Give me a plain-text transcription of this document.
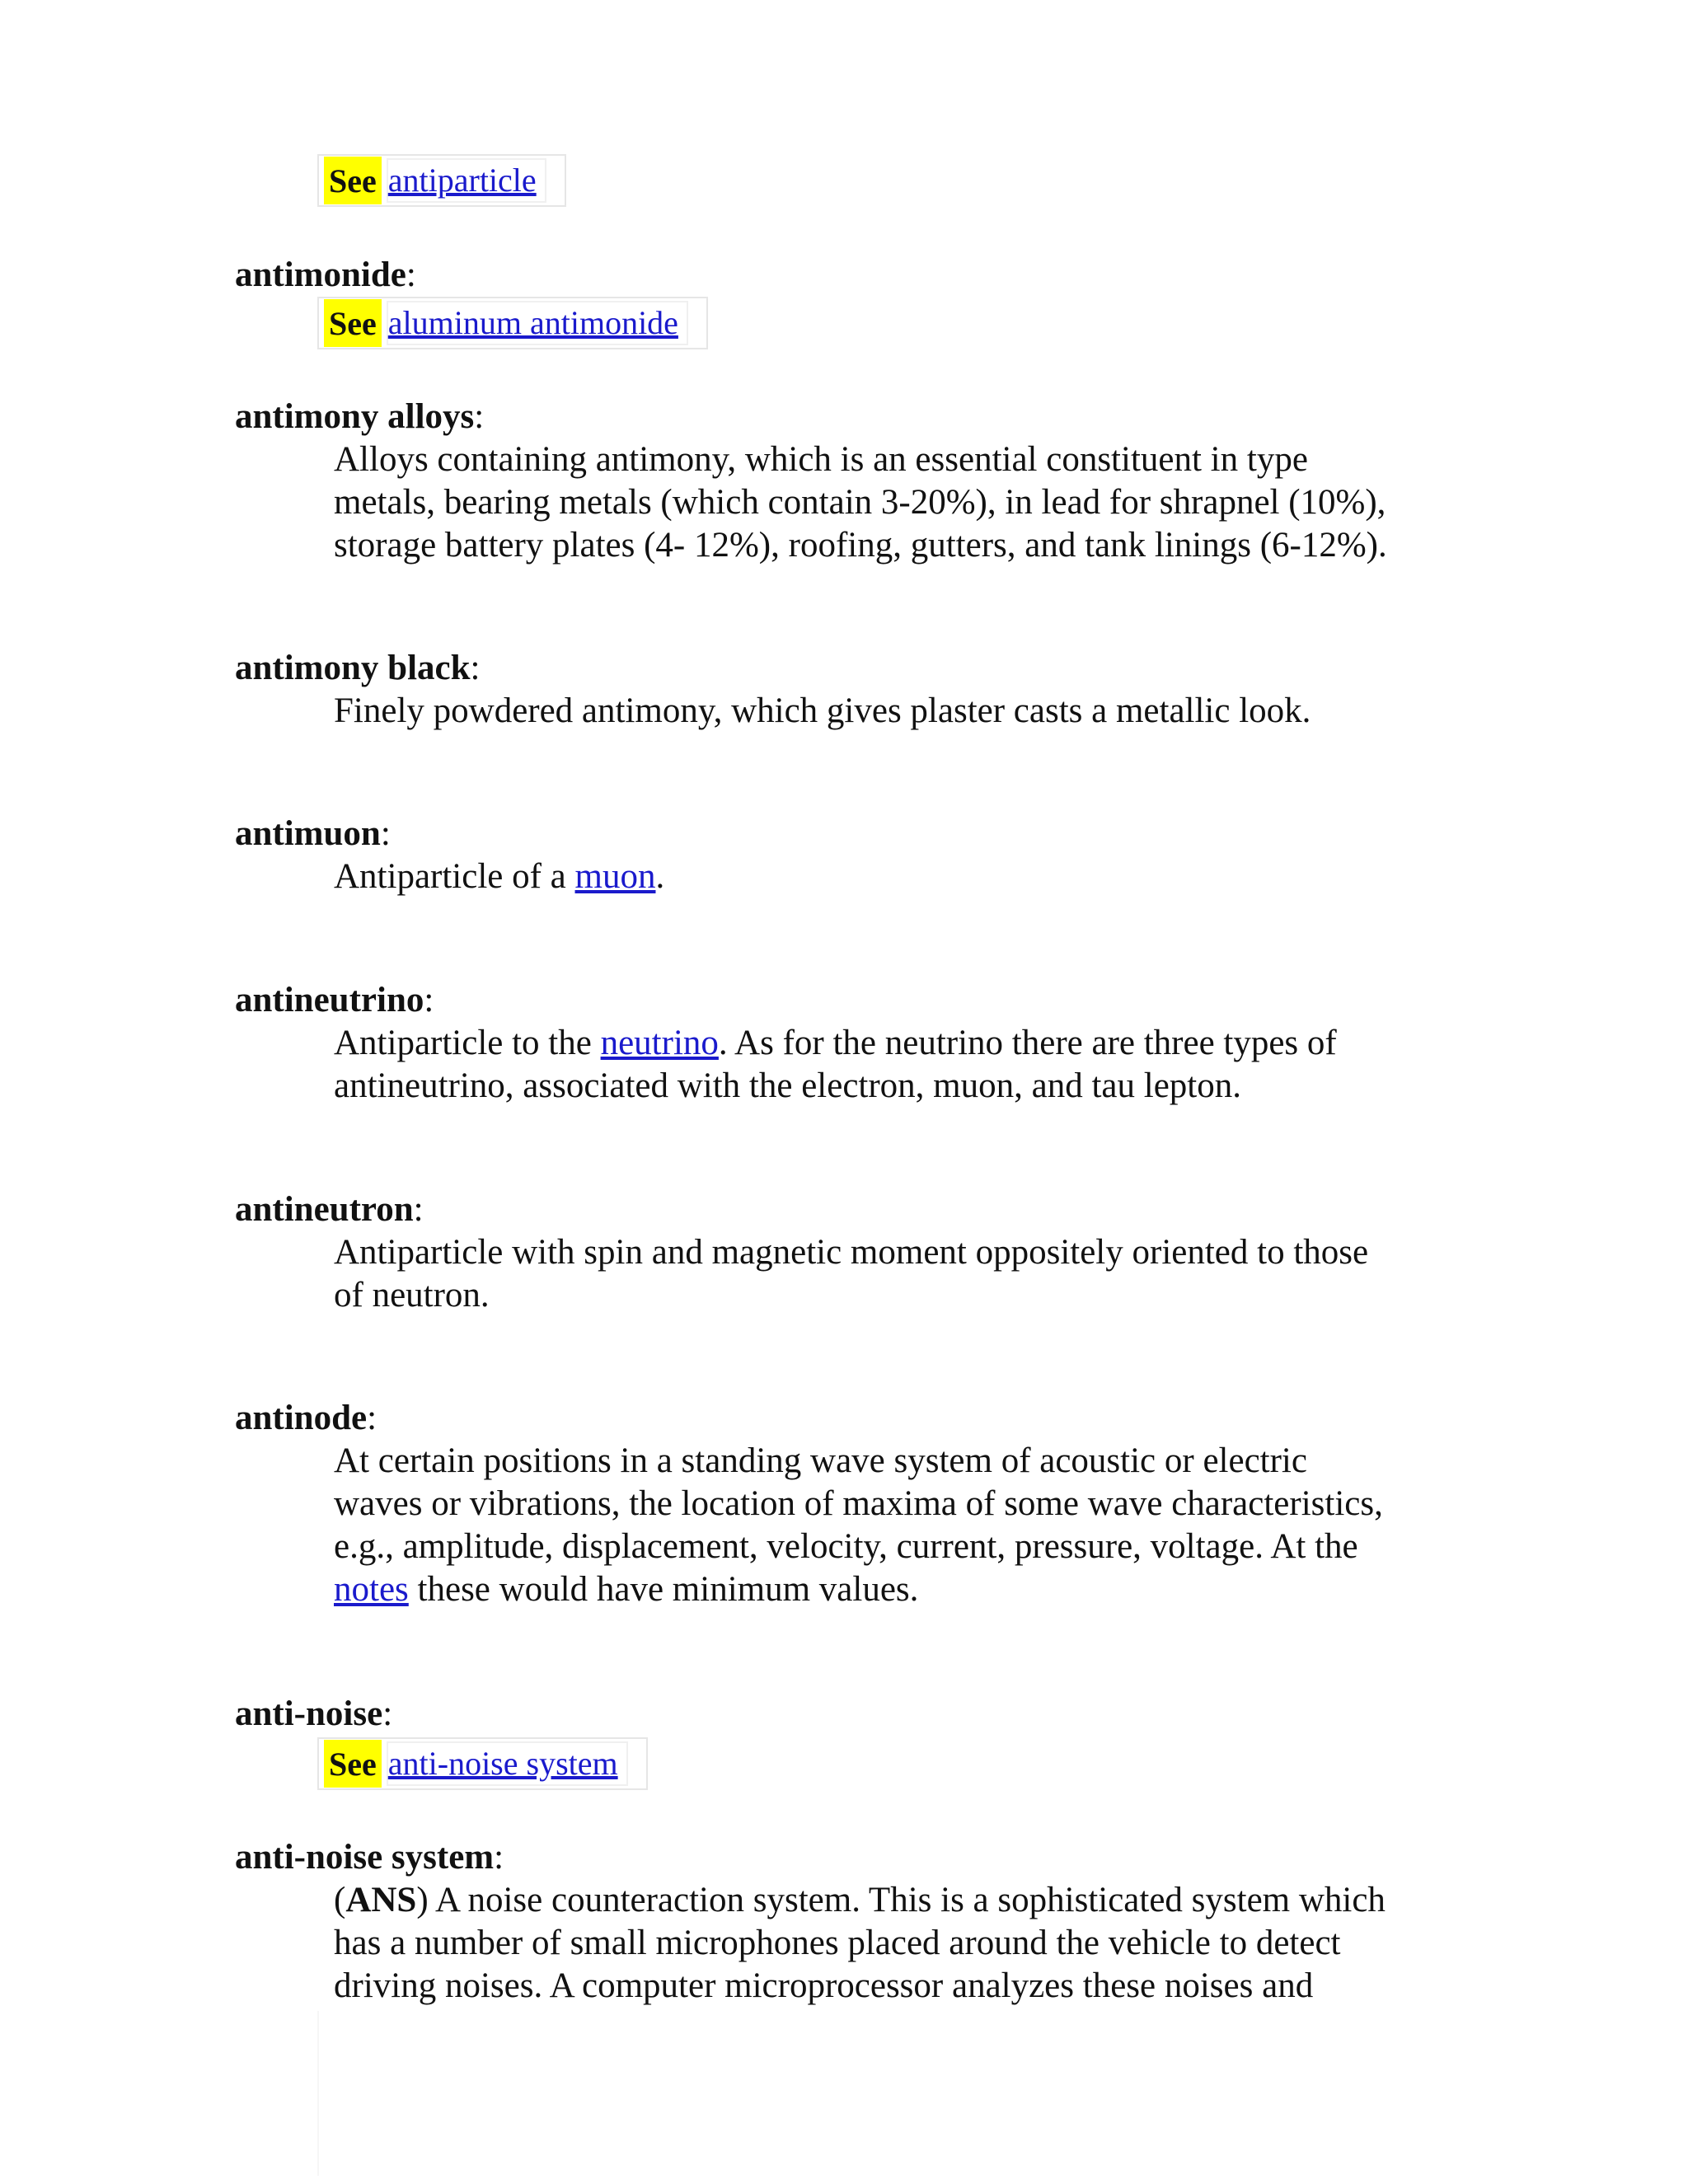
See antiparticle

antimonide:

See aluminum antimonide

antimony alloys:

Alloys containing antimony, which is an essential constituent in type

metals, bearing metals (which contain 3-20%), in lead for shrapnel (10%),

storage battery plates (4- 12%), roofing, gutters, and tank linings (6-12%).

antimony black:

Finely powdered antimony, which gives plaster casts a metallic look.

antimuon:

Antiparticle of a muon.

antineutrino:

Antiparticle to the neutrino. As for the neutrino there are three types of

antineutrino, associated with the electron, muon, and tau lepton.

antineutron:

Antiparticle with spin and magnetic moment oppositely oriented to those

of neutron.

antinode:

At certain positions in a standing wave system of acoustic or electric

waves or vibrations, the location of maxima of some wave characteristics,

e.g., amplitude, displacement, velocity, current, pressure, voltage. At the

notes these would have minimum values.

anti-noise:

See anti-noise system

anti-noise system:

(ANS) A noise counteraction system. This is a sophisticated system which

has a number of small microphones placed around the vehicle to detect

driving noises. A computer microprocessor analyzes these noises and
